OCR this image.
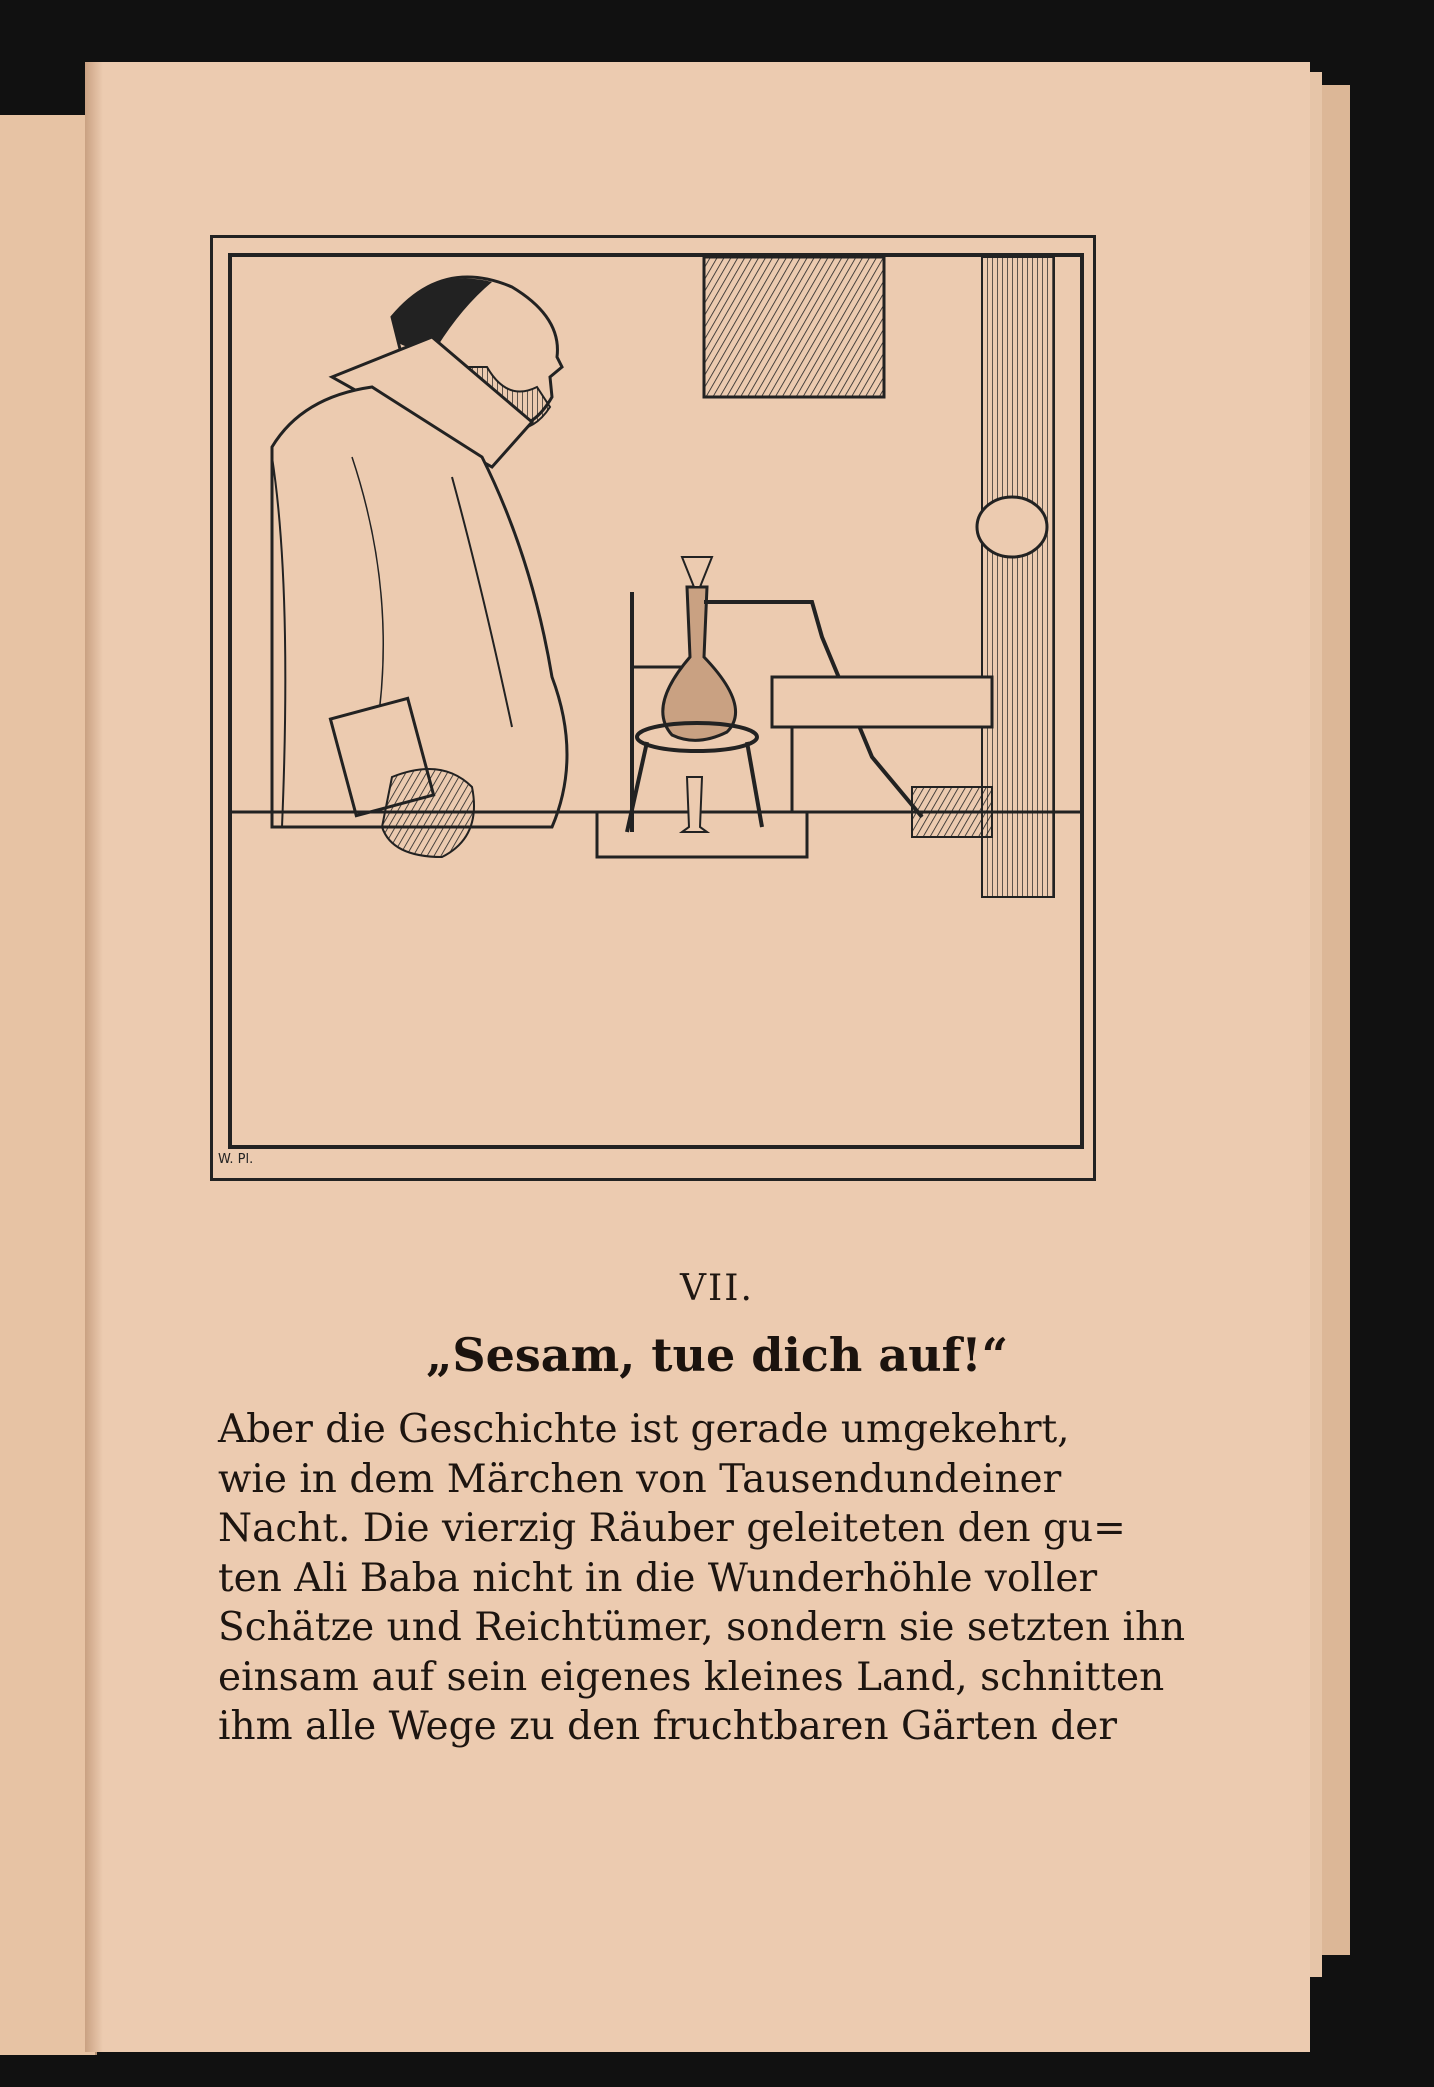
W. Pl.
VII.
„Sesam, tue dich auf!“
Aber die Geschichte ist gerade umgekehrt,
wie in dem Märchen von Tausendundeiner
Nacht. Die vierzig Räuber geleiteten den gu=
ten Ali Baba nicht in die Wunderhöhle voller
Schätze und Reichtümer, sondern sie setzten ihn
einsam auf sein eigenes kleines Land, schnitten
ihm alle Wege zu den fruchtbaren Gärten der
